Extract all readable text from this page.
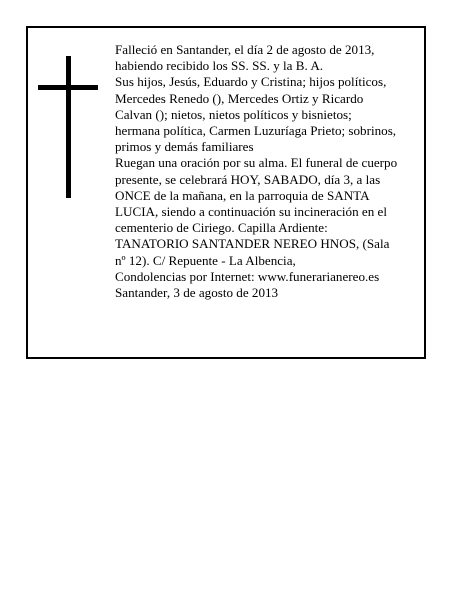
Falleció en Santander, el día 2 de agosto de 2013, habiendo recibido los SS. SS. y la B. A.

Sus hijos, Jesús, Eduardo y Cristina; hijos políticos, Mercedes Renedo (), Mercedes Ortiz y Ricardo Calvan (); nietos, nietos políticos y bisnietos; hermana política, Carmen Luzuríaga Prieto; sobrinos, primos y demás familiares

Ruegan una oración por su alma. El funeral de cuerpo presente, se celebrará HOY, SABADO, día 3, a las ONCE de la mañana, en la parroquia de SANTA LUCIA, siendo a continuación su incineración en el cementerio de Ciriego. Capilla Ardiente: TANATORIO SANTANDER NEREO HNOS, (Sala nº 12). C/ Repuente - La Albencia,

Condolencias por Internet: www.funerarianereo.es

Santander, 3 de agosto de 2013
